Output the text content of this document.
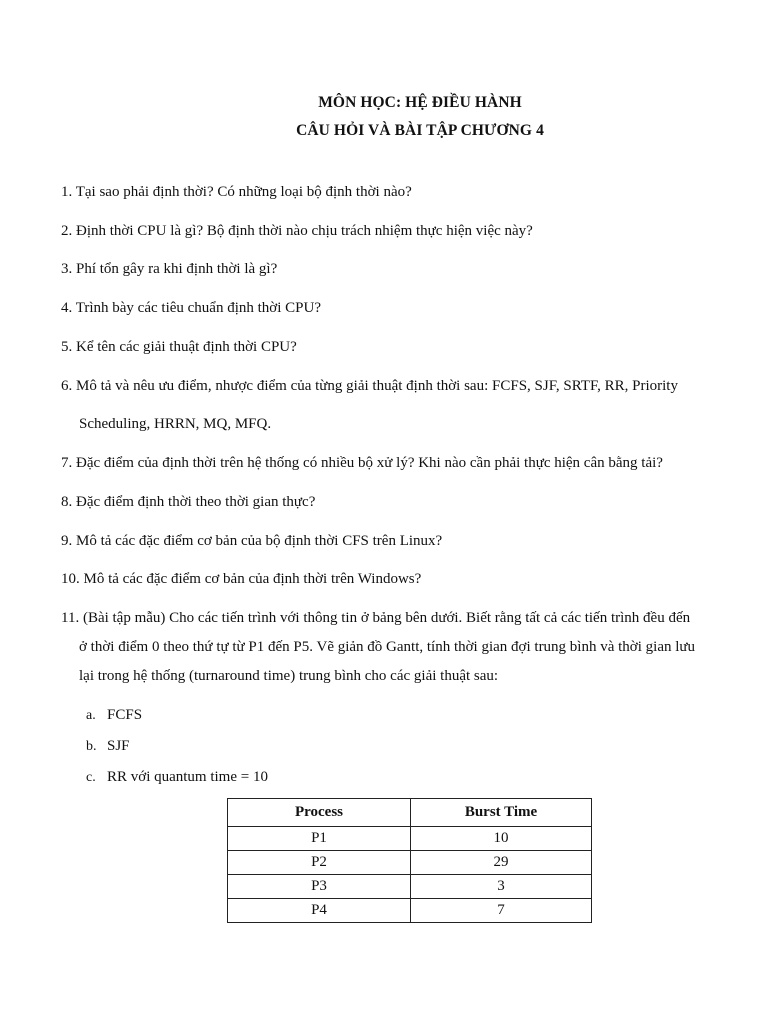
MÔN HỌC: HỆ ĐIỀU HÀNH
CÂU HỎI VÀ BÀI TẬP CHƯƠNG 4
1. Tại sao phải định thời? Có những loại bộ định thời nào?
2. Định thời CPU là gì? Bộ định thời nào chịu trách nhiệm thực hiện việc này?
3. Phí tổn gây ra khi định thời là gì?
4. Trình bày các tiêu chuẩn định thời CPU?
5. Kể tên các giải thuật định thời CPU?
6. Mô tả và nêu ưu điểm, nhược điểm của từng giải thuật định thời sau: FCFS, SJF, SRTF, RR, Priority
Scheduling, HRRN, MQ, MFQ.
7. Đặc điểm của định thời trên hệ thống có nhiều bộ xử lý? Khi nào cần phải thực hiện cân bằng tải?
8. Đặc điểm định thời theo thời gian thực?
9. Mô tả các đặc điểm cơ bản của bộ định thời CFS trên Linux?
10. Mô tả các đặc điểm cơ bản của định thời trên Windows?
11. (Bài tập mẫu) Cho các tiến trình với thông tin ở bảng bên dưới. Biết rằng tất cả các tiến trình đều đến
ở thời điểm 0 theo thứ tự từ P1 đến P5. Vẽ giản đồ Gantt, tính thời gian đợi trung bình và thời gian lưu
lại trong hệ thống (turnaround time) trung bình cho các giải thuật sau:
a. FCFS
b. SJF
c. RR với quantum time = 10
Process	Burst Time
P1	10
P2	29
P3	3
P4	7
